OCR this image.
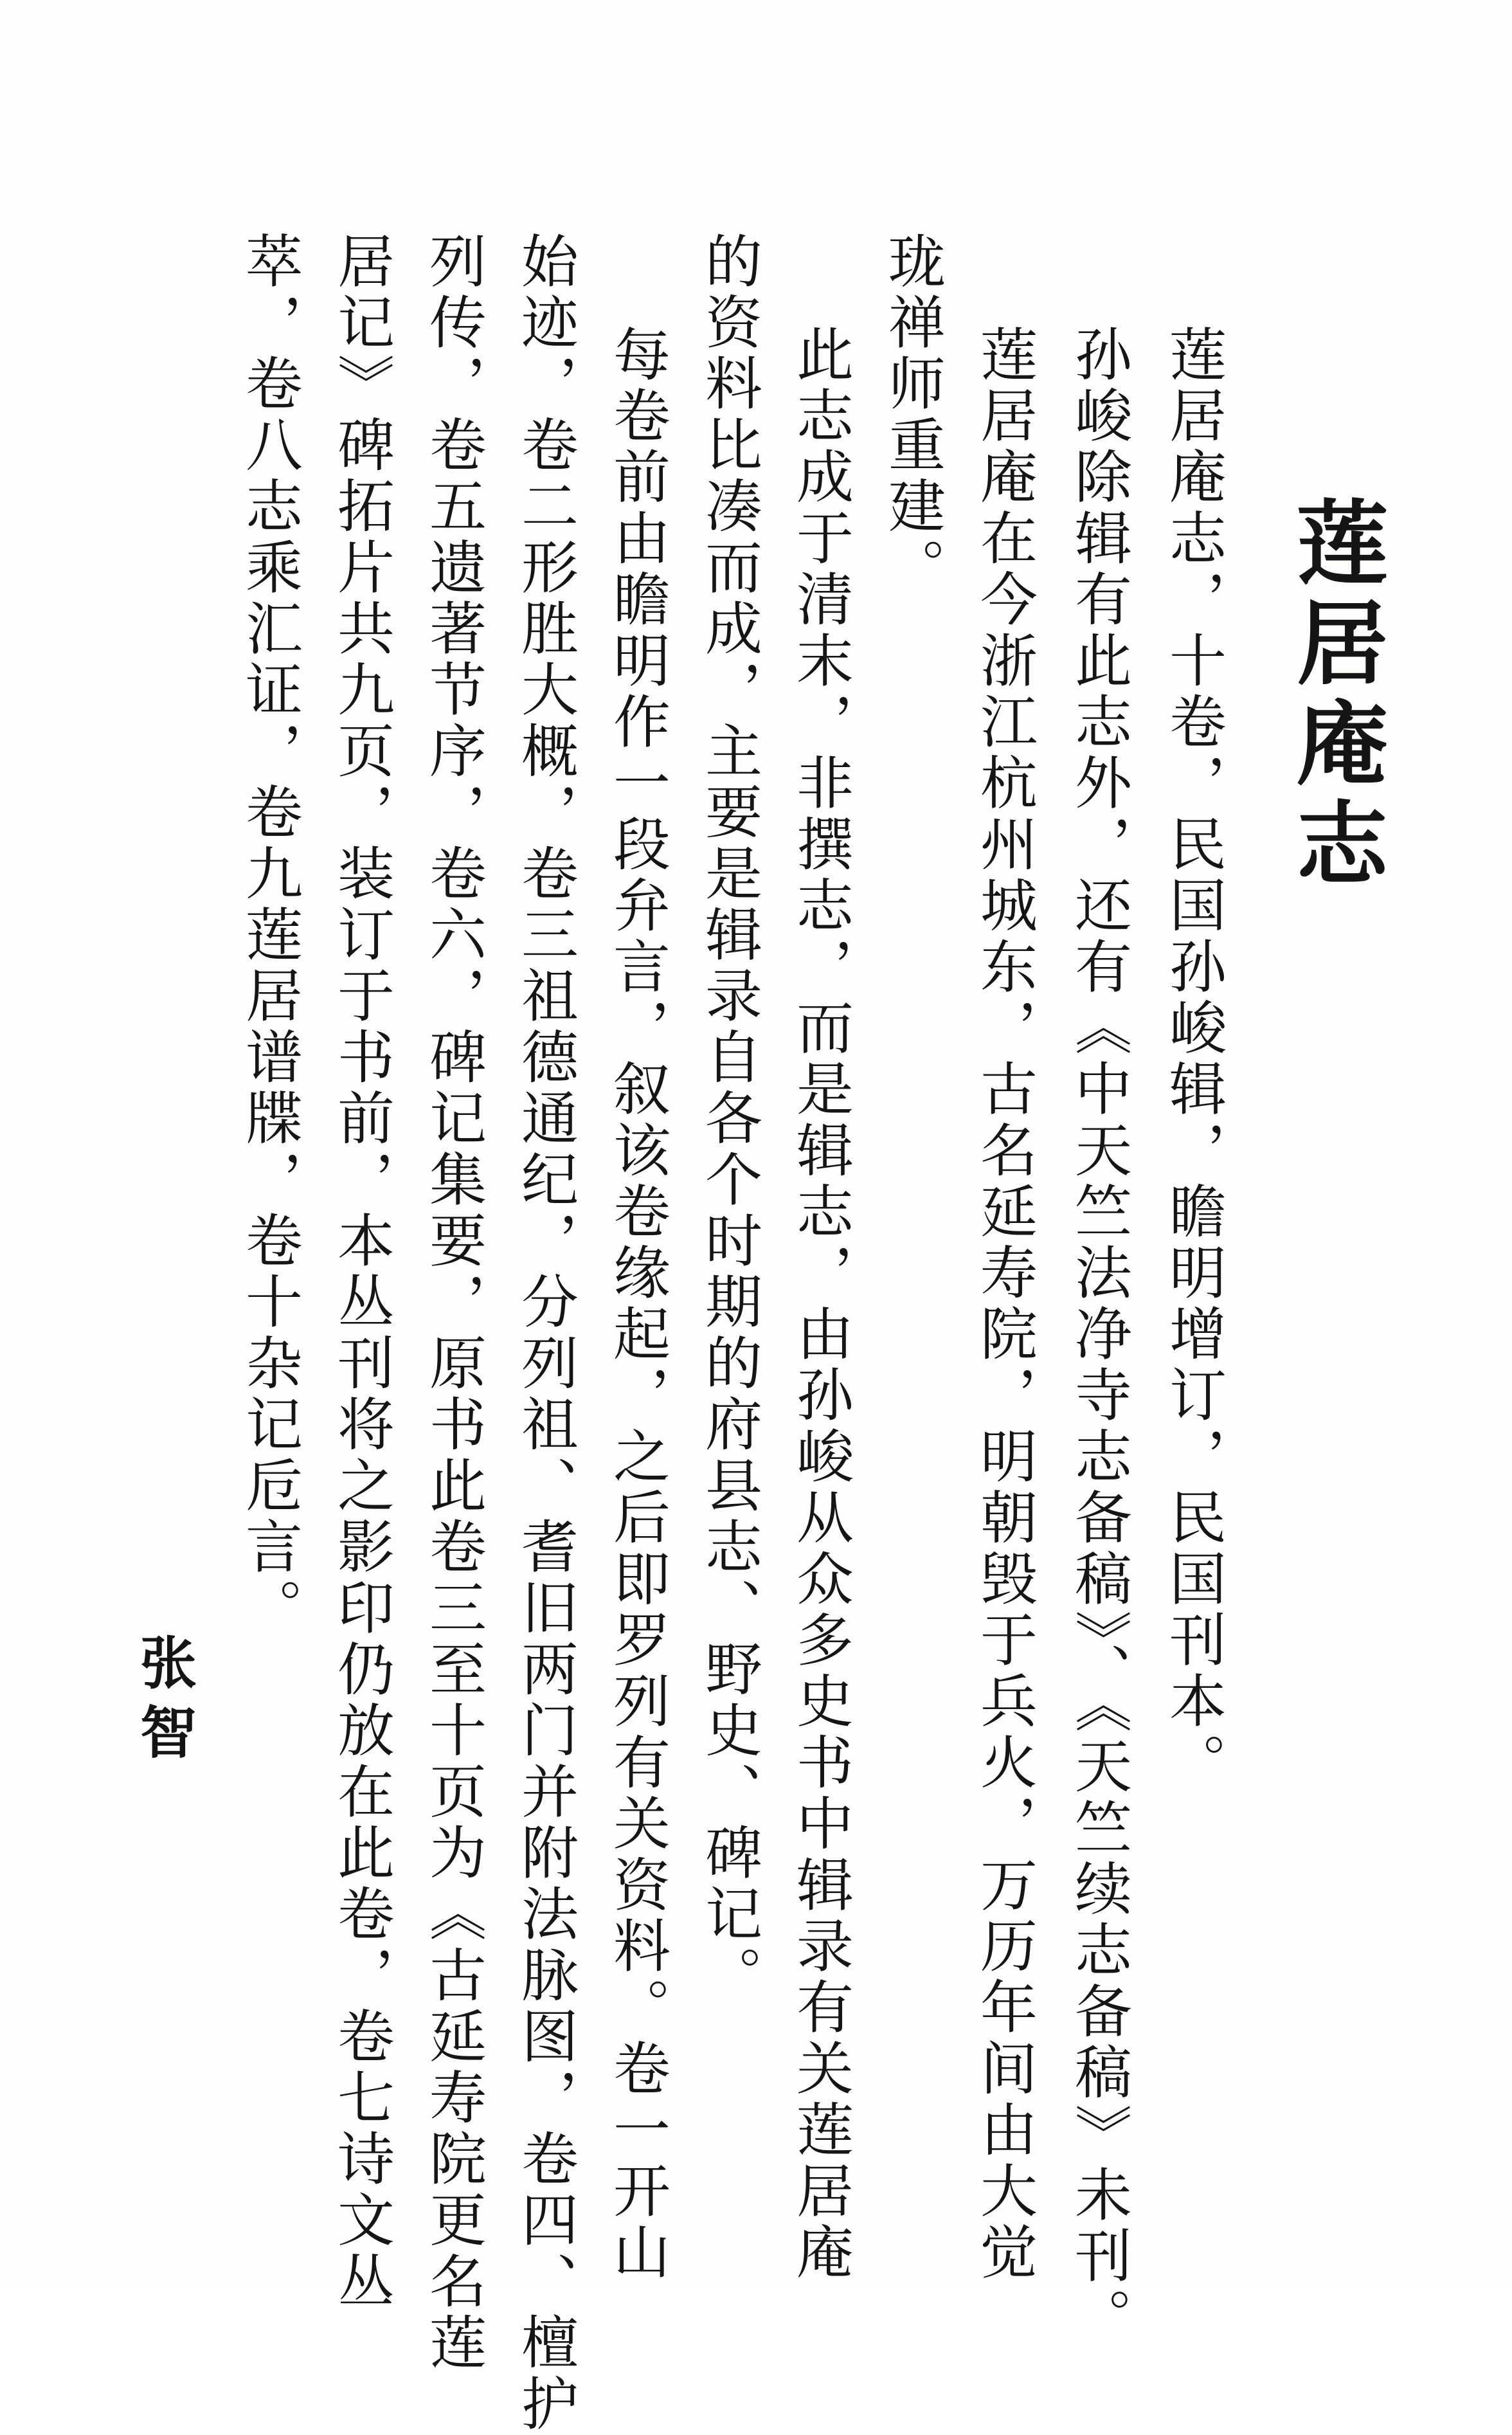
莲居庵志
莲居庵志，十卷，民国孙峻辑，瞻明增订，民国刊本。
孙峻除辑有此志外，还有《中天竺法净寺志备稿》、《天竺续志备稿》未刊。
莲居庵在今浙江杭州城东，古名延寿院，明朝毁于兵火，万历年间由大觉
珑禅师重建。
此志成于清末，非撰志，而是辑志，由孙峻从众多史书中辑录有关莲居庵
的资料比凑而成，主要是辑录自各个时期的府县志、野史、碑记。
每卷前由瞻明作一段弁言，叙该卷缘起，之后即罗列有关资料。卷一开山
始迹，卷二形胜大概，卷三祖德通纪，分列祖、耆旧两门并附法脉图，卷四、檀护
列传，卷五遗著节序，卷六，碑记集要，原书此卷三至十页为《古延寿院更名莲
居记》碑拓片共九页，装订于书前，本丛刊将之影印仍放在此卷，卷七诗文丛
萃，卷八志乘汇证，卷九莲居谱牒，卷十杂记卮言。
张智
